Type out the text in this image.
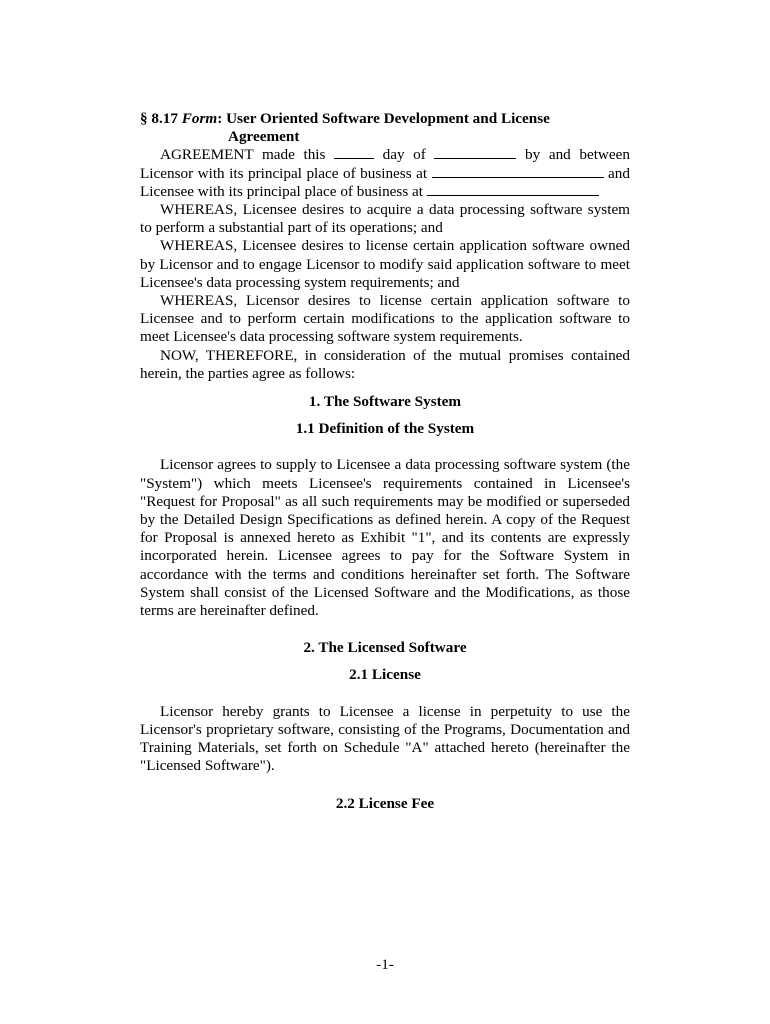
§ 8.17 Form: User Oriented Software Development and License
Agreement

AGREEMENT made this	day of	by and between Licensor with its principal place of business at	and Licensee with its principal place of business at

WHEREAS, Licensee desires to acquire a data processing software system to perform a substantial part of its operations; and

WHEREAS, Licensee desires to license certain application software owned by Licensor and to engage Licensor to modify said application software to meet Licensee's data processing system requirements; and

WHEREAS, Licensor desires to license certain application software to Licensee and to perform certain modifications to the application software to meet Licensee's data processing software system requirements.

NOW, THEREFORE, in consideration of the mutual promises contained herein, the parties agree as follows:

1. The Software System

1.1 Definition of the System

Licensor agrees to supply to Licensee a data processing software system (the "System") which meets Licensee's requirements contained in Licensee's "Request for Proposal" as all such requirements may be modified or superseded by the Detailed Design Specifications as defined herein. A copy of the Request for Proposal is annexed hereto as Exhibit "1", and its contents are expressly incorporated herein. Licensee agrees to pay for the Software System in accordance with the terms and conditions hereinafter set forth. The Software System shall consist of the Licensed Software and the Modifications, as those terms are hereinafter defined.

2. The Licensed Software

2.1 License

Licensor hereby grants to Licensee a license in perpetuity to use the Licensor's proprietary software, consisting of the Programs, Documentation and Training Materials, set forth on Schedule "A" attached hereto (hereinafter the "Licensed Software").

2.2 License Fee

-1-
